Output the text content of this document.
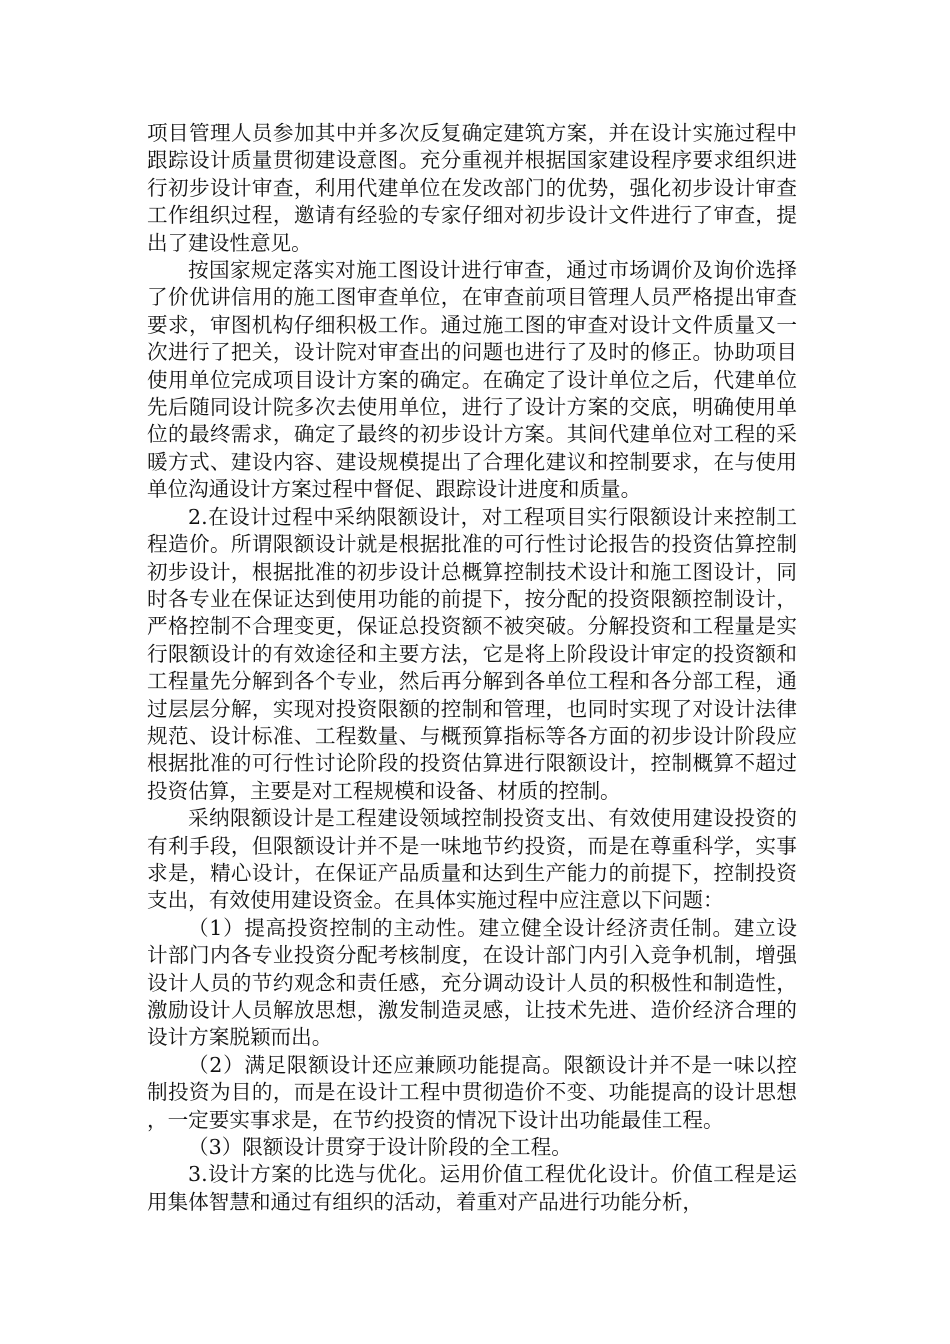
项目管理人员参加其中并多次反复确定建筑方案，并在设计实施过程中跟踪设计质量贯彻建设意图。充分重视并根据国家建设程序要求组织进行初步设计审查，利用代建单位在发改部门的优势，强化初步设计审查工作组织过程，邀请有经验的专家仔细对初步设计文件进行了审查，提出了建设性意见。

按国家规定落实对施工图设计进行审查，通过市场调价及询价选择了价优讲信用的施工图审查单位，在审查前项目管理人员严格提出审查要求，审图机构仔细积极工作。通过施工图的审查对设计文件质量又一次进行了把关，设计院对审查出的问题也进行了及时的修正。协助项目使用单位完成项目设计方案的确定。在确定了设计单位之后，代建单位先后随同设计院多次去使用单位，进行了设计方案的交底，明确使用单位的最终需求，确定了最终的初步设计方案。其间代建单位对工程的采暖方式、建设内容、建设规模提出了合理化建议和控制要求，在与使用单位沟通设计方案过程中督促、跟踪设计进度和质量。

2.在设计过程中采纳限额设计，对工程项目实行限额设计来控制工程造价。所谓限额设计就是根据批准的可行性讨论报告的投资估算控制初步设计，根据批准的初步设计总概算控制技术设计和施工图设计，同时各专业在保证达到使用功能的前提下，按分配的投资限额控制设计，严格控制不合理变更，保证总投资额不被突破。分解投资和工程量是实行限额设计的有效途径和主要方法，它是将上阶段设计审定的投资额和工程量先分解到各个专业，然后再分解到各单位工程和各分部工程，通过层层分解，实现对投资限额的控制和管理，也同时实现了对设计法律规范、设计标准、工程数量、与概预算指标等各方面的初步设计阶段应根据批准的可行性讨论阶段的投资估算进行限额设计，控制概算不超过投资估算，主要是对工程规模和设备、材质的控制。

采纳限额设计是工程建设领域控制投资支出、有效使用建设投资的有利手段，但限额设计并不是一味地节约投资，而是在尊重科学，实事求是，精心设计，在保证产品质量和达到生产能力的前提下，控制投资支出，有效使用建设资金。在具体实施过程中应注意以下问题：

（1）提高投资控制的主动性。建立健全设计经济责任制。建立设计部门内各专业投资分配考核制度，在设计部门内引入竞争机制，增强设计人员的节约观念和责任感，充分调动设计人员的积极性和制造性，激励设计人员解放思想，激发制造灵感，让技术先进、造价经济合理的设计方案脱颖而出。

（2）满足限额设计还应兼顾功能提高。限额设计并不是一味以控制投资为目的，而是在设计工程中贯彻造价不变、功能提高的设计思想，一定要实事求是，在节约投资的情况下设计出功能最佳工程。

（3）限额设计贯穿于设计阶段的全工程。

3.设计方案的比选与优化。运用价值工程优化设计。价值工程是运用集体智慧和通过有组织的活动，着重对产品进行功能分析，
